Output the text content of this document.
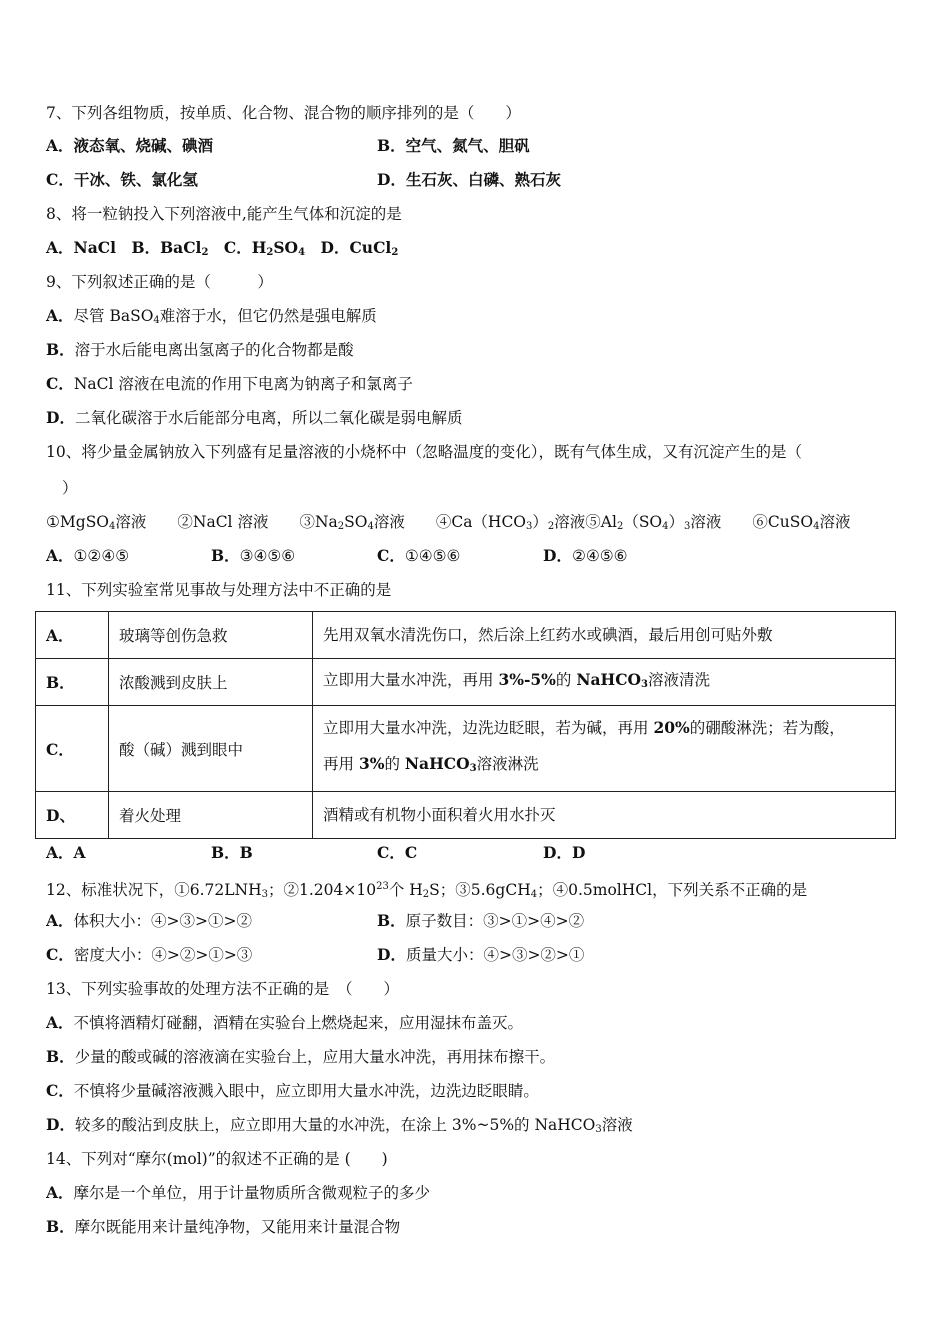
7、下列各组物质，按单质、化合物、混合物的顺序排列的是（　　）
A．液态氧、烧碱、碘酒	B．空气、氮气、胆矾
C．干冰、铁、氯化氢	D．生石灰、白磷、熟石灰
8、将一粒钠投入下列溶液中,能产生气体和沉淀的是
A．NaCl　B．BaCl$_2$　C．$H_2SO_4$　D．CuCl$_2$
9、下列叙述正确的是（　　　）
A．尽管 BaSO$_4$难溶于水，但它仍然是强电解质
B．溶于水后能电离出氢离子的化合物都是酸
C．NaCl 溶液在电流的作用下电离为钠离子和氯离子
D．二氧化碳溶于水后能部分电离，所以二氧化碳是弱电解质
10、将少量金属钠放入下列盛有足量溶液的小烧杯中（忽略温度的变化），既有气体生成，又有沉淀产生的是（
）
①MgSO$_4$溶液　　②NaCl 溶液　　$③Na_2SO_4$溶液　　$④Ca(HCO_3)_2$溶液$⑤Al_2(SO_4)_3$溶液　　⑥CuSO$_4$溶液
A．①②④⑤	B．③④⑤⑥	C．①④⑤⑥	D．②④⑤⑥
11、下列实验室常见事故与处理方法中不正确的是
A．	玻璃等创伤急救	先用双氧水清洗伤口，然后涂上红药水或碘酒，最后用创可贴外敷
B．	浓酸溅到皮肤上	立即用大量水冲洗，再用 3%-5%的 NaHCO$_3$溶液清洗
C．	酸（碱）溅到眼中	立即用大量水冲洗，边洗边眨眼，若为碱，再用 20%的硼酸淋洗；若为酸，
再用 3%的 NaHCO$_3$溶液淋洗
D、	着火处理	酒精或有机物小面积着火用水扑灭
A．A	B．B	C．C	D．D
12、标准状况下，$①6.72LNH_3$；$②1.204\times 10^{23}$个 $H_2S$；③5.6gCH$_4$；④0.5molHCl，下列关系不正确的是
A．体积大小：④>③>①>②	B．原子数目：③>①>④>②
C．密度大小：④>②>①>③	D．质量大小：④>③>②>①
13、下列实验事故的处理方法不正确的是　（　　）
A．不慎将酒精灯碰翻，酒精在实验台上燃烧起来，应用湿抹布盖灭。
B．少量的酸或碱的溶液滴在实验台上，应用大量水冲洗，再用抹布擦干。
C．不慎将少量碱溶液溅入眼中，应立即用大量水冲洗，边洗边眨眼睛。
D．较多的酸沾到皮肤上，应立即用大量的水冲洗，在涂上 3%~5%的 NaHCO$_3$溶液
14、下列对“摩尔(mol)”的叙述不正确的是 (　　)
A．摩尔是一个单位，用于计量物质所含微观粒子的多少
B．摩尔既能用来计量纯净物，又能用来计量混合物
